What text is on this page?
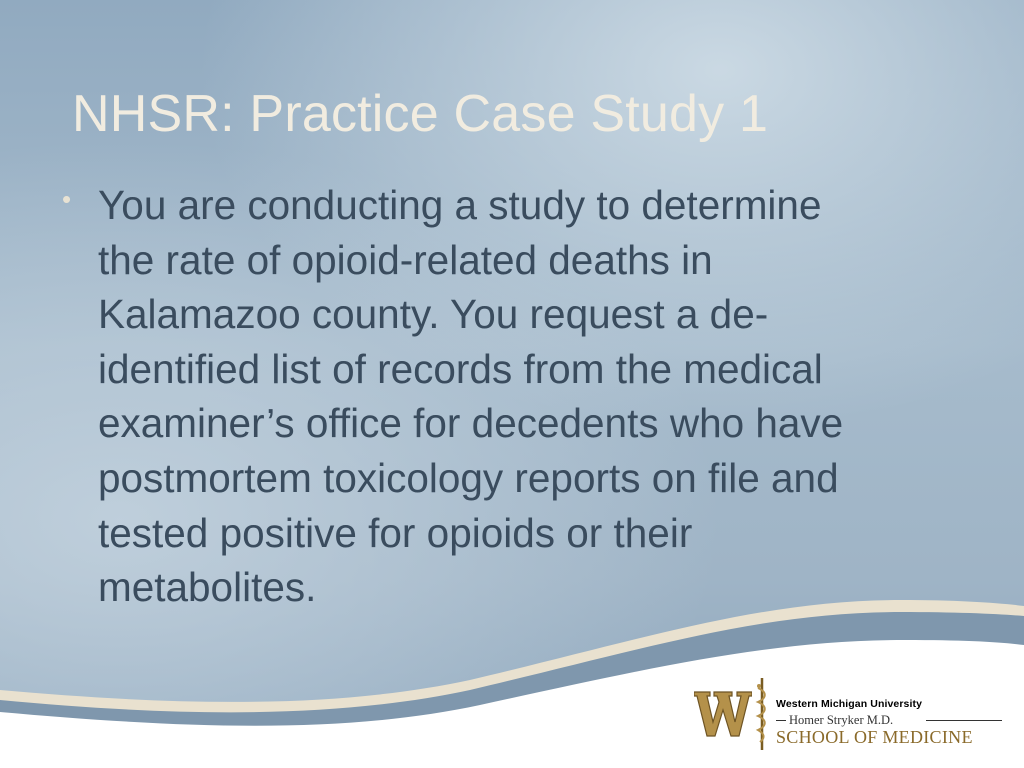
NHSR: Practice Case Study 1
• You are conducting a study to determine
the rate of opioid-related deaths in
Kalamazoo county. You request a de-
identified list of records from the medical
examiner’s office for decedents who have
postmortem toxicology reports on file and
tested positive for opioids or their
metabolites.
Western Michigan University
Homer Stryker M.D.
SCHOOL OF MEDICINE
